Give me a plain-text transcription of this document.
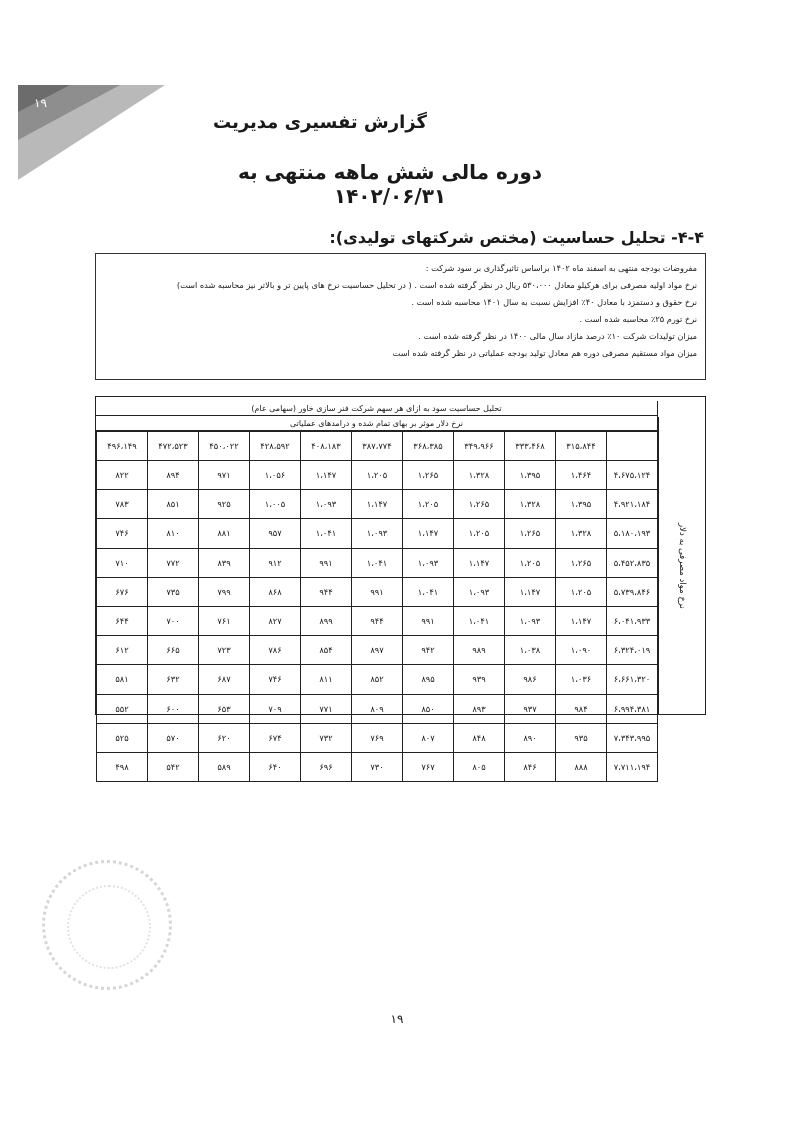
۱۹
گزارش تفسیری مدیریت
دوره مالی شش ماهه منتهی به ۱۴۰۲/۰۶/۳۱
۴-۴- تحلیل حساسیت (مختص شرکتهای تولیدی):
مفروضات بودجه منتهی به اسفند ماه ۱۴۰۲ براساس تاثیرگذاری بر سود شرکت :
نرخ مواد اولیه مصرفی برای هرکیلو معادل ۵۳۰،۰۰۰ ریال در نظر گرفته شده است . ( در تحلیل حساسیت نرخ های پایین تر و بالاتر نیز محاسبه شده است)
نرخ حقوق و دستمزد با معادل ۴۰٪ افزایش نسبت به سال ۱۴۰۱ محاسبه شده است .
نرخ تورم ۲۵٪ محاسبه شده است .
میزان تولیدات شرکت ۱۰٪ درصد مازاد سال مالی ۱۴۰۰ در نظر گرفته شده است .
میزان مواد مستقیم مصرفی دوره هم معادل تولید بودجه عملیاتی در نظر گرفته شده است
تحلیل حساسیت سود به ازای هر سهم شرکت فنر سازی خاور (سهامی عام)
نرخ دلار موثر بر بهای تمام شده و درامدهای عملیاتی
نرخ مواد مصرفی به دلار
	۳۱۵،۸۴۴	۳۳۳،۴۶۸	۳۴۹،۹۶۶	۳۶۸،۳۸۵	۳۸۷،۷۷۴	۴۰۸،۱۸۳	۴۲۸،۵۹۲	۴۵۰،۰۲۲	۴۷۲،۵۲۳	۴۹۶،۱۴۹
۴،۶۷۵،۱۲۴	۱،۴۶۴	۱،۳۹۵	۱،۳۲۸	۱،۲۶۵	۱،۲۰۵	۱،۱۴۷	۱،۰۵۶	۹۷۱	۸۹۴	۸۲۲
۴،۹۲۱،۱۸۴	۱،۳۹۵	۱،۳۲۸	۱،۲۶۵	۱،۲۰۵	۱،۱۴۷	۱،۰۹۳	۱،۰۰۵	۹۲۵	۸۵۱	۷۸۳
۵،۱۸۰،۱۹۳	۱،۳۲۸	۱،۲۶۵	۱،۲۰۵	۱،۱۴۷	۱،۰۹۳	۱،۰۴۱	۹۵۷	۸۸۱	۸۱۰	۷۴۶
۵،۴۵۲،۸۳۵	۱،۲۶۵	۱،۲۰۵	۱،۱۴۷	۱،۰۹۳	۱،۰۴۱	۹۹۱	۹۱۲	۸۳۹	۷۷۲	۷۱۰
۵،۷۳۹،۸۴۶	۱،۲۰۵	۱،۱۴۷	۱،۰۹۳	۱،۰۴۱	۹۹۱	۹۴۴	۸۶۸	۷۹۹	۷۳۵	۶۷۶
۶،۰۴۱،۹۳۳	۱،۱۴۷	۱،۰۹۳	۱،۰۴۱	۹۹۱	۹۴۴	۸۹۹	۸۲۷	۷۶۱	۷۰۰	۶۴۴
۶،۳۲۴،۰۱۹	۱،۰۹۰	۱،۰۳۸	۹۸۹	۹۴۲	۸۹۷	۸۵۴	۷۸۶	۷۲۳	۶۶۵	۶۱۲
۶،۶۶۱،۳۲۰	۱،۰۳۶	۹۸۶	۹۳۹	۸۹۵	۸۵۲	۸۱۱	۷۴۶	۶۸۷	۶۳۲	۵۸۱
۶،۹۹۴،۳۸۱	۹۸۴	۹۳۷	۸۹۳	۸۵۰	۸۰۹	۷۷۱	۷۰۹	۶۵۳	۶۰۰	۵۵۲
۷،۳۴۳،۹۹۵	۹۳۵	۸۹۰	۸۴۸	۸۰۷	۷۶۹	۷۳۲	۶۷۴	۶۲۰	۵۷۰	۵۲۵
۷،۷۱۱،۱۹۴	۸۸۸	۸۴۶	۸۰۵	۷۶۷	۷۳۰	۶۹۶	۶۴۰	۵۸۹	۵۴۲	۴۹۸
۱۹
